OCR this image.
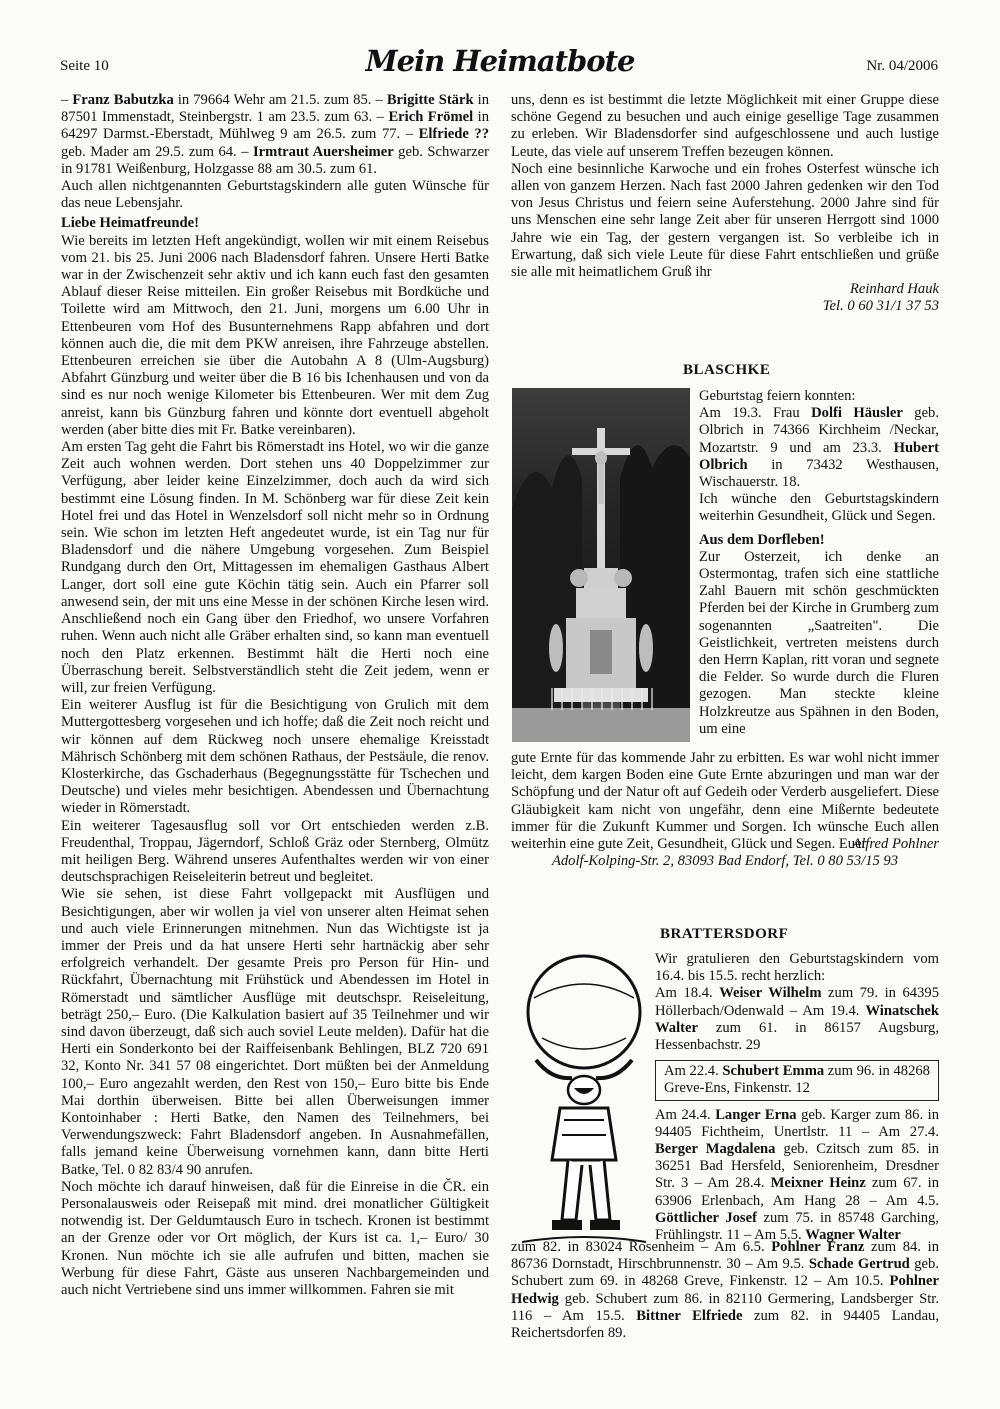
Seite 10	Mein Heimatbote	Nr. 04/2006

– Franz Babutzka in 79664 Wehr am 21.5. zum 85. – Brigitte Stärk in 87501 Immenstadt, Steinbergstr. 1 am 23.5. zum 63. – Erich Frömel in 64297 Darmst.-Eberstadt, Mühlweg 9 am 26.5. zum 77. – Elfriede ?? geb. Mader am 29.5. zum 64. – Irmtraut Auersheimer geb. Schwarzer in 91781 Weißenburg, Holzgasse 88 am 30.5. zum 61.

Auch allen nichtgenannten Geburtstagskindern alle guten Wünsche für das neue Lebensjahr.

Liebe Heimatfreunde!

Wie bereits im letzten Heft angekündigt, wollen wir mit einem Reisebus vom 21. bis 25. Juni 2006 nach Bladensdorf fahren. Unsere Herti Batke war in der Zwischenzeit sehr aktiv und ich kann euch fast den gesamten Ablauf dieser Reise mitteilen. Ein großer Reisebus mit Bordküche und Toilette wird am Mittwoch, den 21. Juni, morgens um 6.00 Uhr in Ettenbeuren vom Hof des Busunternehmens Rapp abfahren und dort können auch die, die mit dem PKW anreisen, ihre Fahrzeuge abstellen. Ettenbeuren erreichen sie über die Autobahn A 8 (Ulm-Augsburg) Abfahrt Günzburg und weiter über die B 16 bis Ichenhausen und von da sind es nur noch wenige Kilometer bis Ettenbeuren. Wer mit dem Zug anreist, kann bis Günzburg fahren und könnte dort eventuell abgeholt werden (aber bitte dies mit Fr. Batke vereinbaren).

Am ersten Tag geht die Fahrt bis Römerstadt ins Hotel, wo wir die ganze Zeit auch wohnen werden. Dort stehen uns 40 Doppelzimmer zur Verfügung, aber leider keine Einzelzimmer, doch auch da wird sich bestimmt eine Lösung finden. In M. Schönberg war für diese Zeit kein Hotel frei und das Hotel in Wenzelsdorf soll nicht mehr so in Ordnung sein. Wie schon im letzten Heft angedeutet wurde, ist ein Tag nur für Bladensdorf und die nähere Umgebung vorgesehen. Zum Beispiel Rundgang durch den Ort, Mittagessen im ehemaligen Gasthaus Albert Langer, dort soll eine gute Köchin tätig sein. Auch ein Pfarrer soll anwesend sein, der mit uns eine Messe in der schönen Kirche lesen wird. Anschließend noch ein Gang über den Friedhof, wo unsere Vorfahren ruhen. Wenn auch nicht alle Gräber erhalten sind, so kann man eventuell noch den Platz erkennen. Bestimmt hält die Herti noch eine Überraschung bereit. Selbstverständlich steht die Zeit jedem, wenn er will, zur freien Verfügung.

Ein weiterer Ausflug ist für die Besichtigung von Grulich mit dem Muttergottesberg vorgesehen und ich hoffe; daß die Zeit noch reicht und wir können auf dem Rückweg noch unsere ehemalige Kreisstadt Mährisch Schönberg mit dem schönen Rathaus, der Pestsäule, die renov. Klosterkirche, das Gschaderhaus (Begegnungsstätte für Tschechen und Deutsche) und vieles mehr besichtigen. Abendessen und Übernachtung wieder in Römerstadt.

Ein weiterer Tagesausflug soll vor Ort entschieden werden z.B. Freudenthal, Troppau, Jägerndorf, Schloß Gräz oder Sternberg, Olmütz mit heiligen Berg. Während unseres Aufenthaltes werden wir von einer deutschsprachigen Reiseleiterin betreut und begleitet.

Wie sie sehen, ist diese Fahrt vollgepackt mit Ausflügen und Besichtigungen, aber wir wollen ja viel von unserer alten Heimat sehen und auch viele Erinnerungen mitnehmen. Nun das Wichtigste ist ja immer der Preis und da hat unsere Herti sehr hartnäckig aber sehr erfolgreich verhandelt. Der gesamte Preis pro Person für Hin- und Rückfahrt, Übernachtung mit Frühstück und Abendessen im Hotel in Römerstadt und sämtlicher Ausflüge mit deutschspr. Reiseleitung, beträgt 250,– Euro. (Die Kalkulation basiert auf 35 Teilnehmer und wir sind davon überzeugt, daß sich auch soviel Leute melden). Dafür hat die Herti ein Sonderkonto bei der Raiffeisenbank Behlingen, BLZ 720 691 32, Konto Nr. 341 57 08 eingerichtet. Dort müßten bei der Anmeldung 100,– Euro angezahlt werden, den Rest von 150,– Euro bitte bis Ende Mai dorthin überweisen. Bitte bei allen Überweisungen immer Kontoinhaber : Herti Batke, den Namen des Teilnehmers, bei Verwendungszweck: Fahrt Bladensdorf angeben. In Ausnahmefällen, falls jemand keine Überweisung vornehmen kann, dann bitte Herti Batke, Tel. 0 82 83/4 90 anrufen.

Noch möchte ich darauf hinweisen, daß für die Einreise in die ČR. ein Personalausweis oder Reisepaß mit mind. drei monatlicher Gültigkeit notwendig ist. Der Geldumtausch Euro in tschech. Kronen ist bestimmt an der Grenze oder vor Ort möglich, der Kurs ist ca. 1,– Euro/ 30 Kronen. Nun möchte ich sie alle aufrufen und bitten, machen sie Werbung für diese Fahrt, Gäste aus unseren Nachbargemeinden und auch nicht Vertriebene sind uns immer willkommen. Fahren sie mit

uns, denn es ist bestimmt die letzte Möglichkeit mit einer Gruppe diese schöne Gegend zu besuchen und auch einige gesellige Tage zusammen zu erleben. Wir Bladensdorfer sind aufgeschlossene und auch lustige Leute, das viele auf unserem Treffen bezeugen können.

Noch eine besinnliche Karwoche und ein frohes Osterfest wünsche ich allen von ganzem Herzen. Nach fast 2000 Jahren gedenken wir den Tod von Jesus Christus und feiern seine Auferstehung. 2000 Jahre sind für uns Menschen eine sehr lange Zeit aber für unseren Herrgott sind 1000 Jahre wie ein Tag, der gestern vergangen ist. So verbleibe ich in Erwartung, daß sich viele Leute für diese Fahrt entschließen und grüße sie alle mit heimatlichem Gruß ihr

Reinhard Hauk

Tel. 0 60 31/1 37 53

BLASCHKE

Geburtstag feiern konnten:

Am 19.3. Frau Dolfi Häusler geb. Olbrich in 74366 Kirchheim /Neckar, Mozartstr. 9 und am 23.3. Hubert Olbrich in 73432 Westhausen, Wischauerstr. 18.

Ich wünche den Geburtstagskindern weiterhin Gesundheit, Glück und Segen.

Aus dem Dorfleben!

Zur Osterzeit, ich denke an Ostermontag, trafen sich eine stattliche Zahl Bauern mit schön geschmückten Pferden bei der Kirche in Grumberg zum sogenannten „Saatreiten". Die Geistlichkeit, vertreten meistens durch den Herrn Kaplan, ritt voran und segnete die Felder. So wurde durch die Fluren gezogen. Man steckte kleine Holzkreutze aus Spähnen in den Boden, um eine

gute Ernte für das kommende Jahr zu erbitten. Es war wohl nicht immer leicht, dem kargen Boden eine Gute Ernte abzuringen und man war der Schöpfung und der Natur oft auf Gedeih oder Verderb ausgeliefert. Diese Gläubigkeit kam nicht von ungefähr, denn eine Mißernte bedeutete immer für die Zukunft Kummer und Sorgen. Ich wünsche Euch allen weiterhin eine gute Zeit, Gesundheit, Glück und Segen. Euer

Alfred Pohlner

Adolf-Kolping-Str. 2, 83093 Bad Endorf, Tel. 0 80 53/15 93

BRATTERSDORF

Wir gratulieren den Geburtstagskindern vom 16.4. bis 15.5. recht herzlich:

Am 18.4. Weiser Wilhelm zum 79. in 64395 Höllerbach/Odenwald – Am 19.4. Winatschek Walter zum 61. in 86157 Augsburg, Hessenbachstr. 29

Am 22.4. Schubert Emma zum 96. in 48268 Greve-Ens, Finkenstr. 12

Am 24.4. Langer Erna geb. Karger zum 86. in 94405 Fichtheim, Unertlstr. 11 – Am 27.4. Berger Magdalena geb. Czitsch zum 85. in 36251 Bad Hersfeld, Seniorenheim, Dresdner Str. 3 – Am 28.4. Meixner Heinz zum 67. in 63906 Erlenbach, Am Hang 28 – Am 4.5. Göttlicher Josef zum 75. in 85748 Garching, Frühlingstr. 11 – Am 5.5. Wagner Walter

zum 82. in 83024 Rosenheim – Am 6.5. Pohlner Franz zum 84. in 86736 Dornstadt, Hirschbrunnenstr. 30 – Am 9.5. Schade Gertrud geb. Schubert zum 69. in 48268 Greve, Finkenstr. 12 – Am 10.5. Pohlner Hedwig geb. Schubert zum 86. in 82110 Germering, Landsberger Str. 116 – Am 15.5. Bittner Elfriede zum 82. in 94405 Landau, Reichertsdorfen 89.
